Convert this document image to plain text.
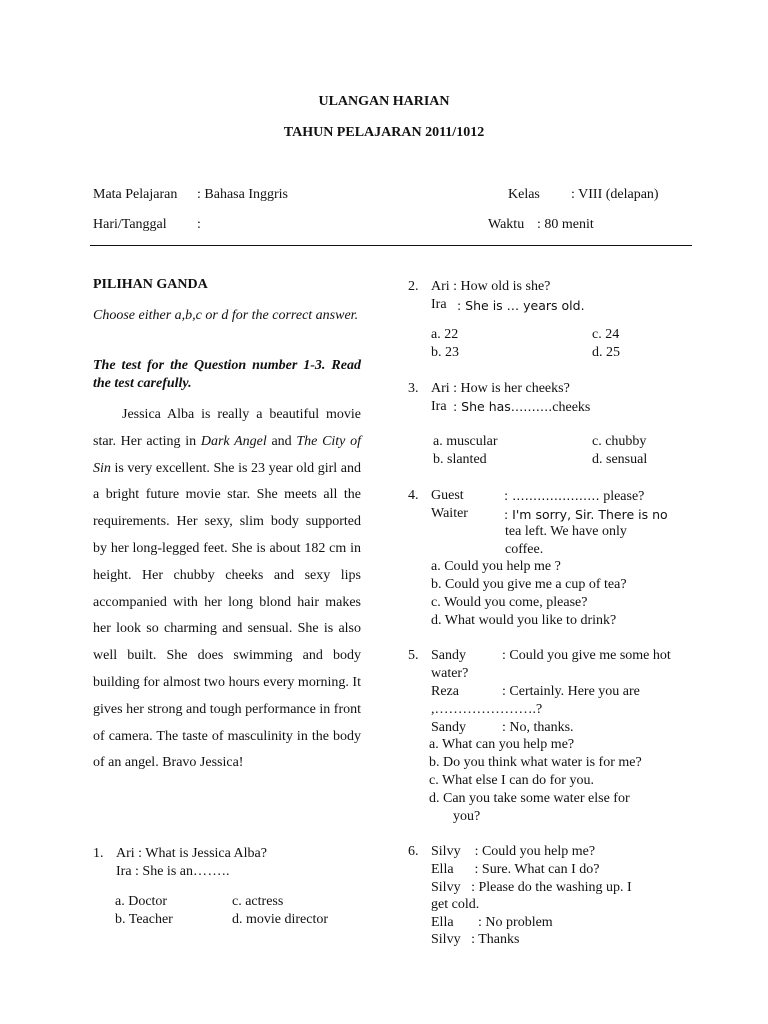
ULANGAN HARIAN
TAHUN PELAJARAN 2011/1012
Mata Pelajaran : Bahasa Inggris
Hari/Tanggal :
Kelas : VIII (delapan)
Waktu : 80 menit
PILIHAN GANDA
Choose either a,b,c or d for the correct answer.
The test for the Question number 1-3. Read the test carefully.

Jessica Alba is really a beautiful movie star. Her acting in Dark Angel and The City of Sin is very excellent. She is 23 year old girl and a bright future movie star. She meets all the requirements. Her sexy, slim body supported by her long-legged feet. She is about 182 cm in height. Her chubby cheeks and sexy lips accompanied with her long blond hair makes her look so charming and sensual. She is also well built. She does swimming and body building for almost two hours every morning. It gives her strong and tough performance in front of camera. The taste of masculinity in the body of an angel. Bravo Jessica!

1. Ari : What is Jessica Alba?
Ira : She is an……..
a. Doctor
b. Teacher
c. actress
d. movie director
2. Ari : How old is she?
Ira : She is … years old.
a. 22
b. 23
c. 24
d. 25
3. Ari : How is her cheeks?
Ira : She has……….cheeks
a. muscular
b. slanted
c. chubby
d. sensual
4. Guest	: ………………… please?
Waiter	: I'm sorry, Sir. There is no
tea left. We have only
coffee.
a. Could you help me ?
b. Could you give me a cup of tea?
c. Would you come, please?
d. What would you like to drink?
5. Sandy	: Could you give me some hot
water?
Reza	: Certainly. Here you are
,………………….?
Sandy	: No, thanks.
a. What can you help me?
b. Do you think what water is for me?
c. What else I can do for you.
d. Can you take some water else for
you?
6. Silvy    : Could you help me?
Ella      : Sure. What can I do?
Silvy   : Please do the washing up. I
get cold.
Ella       : No problem
Silvy   : Thanks
